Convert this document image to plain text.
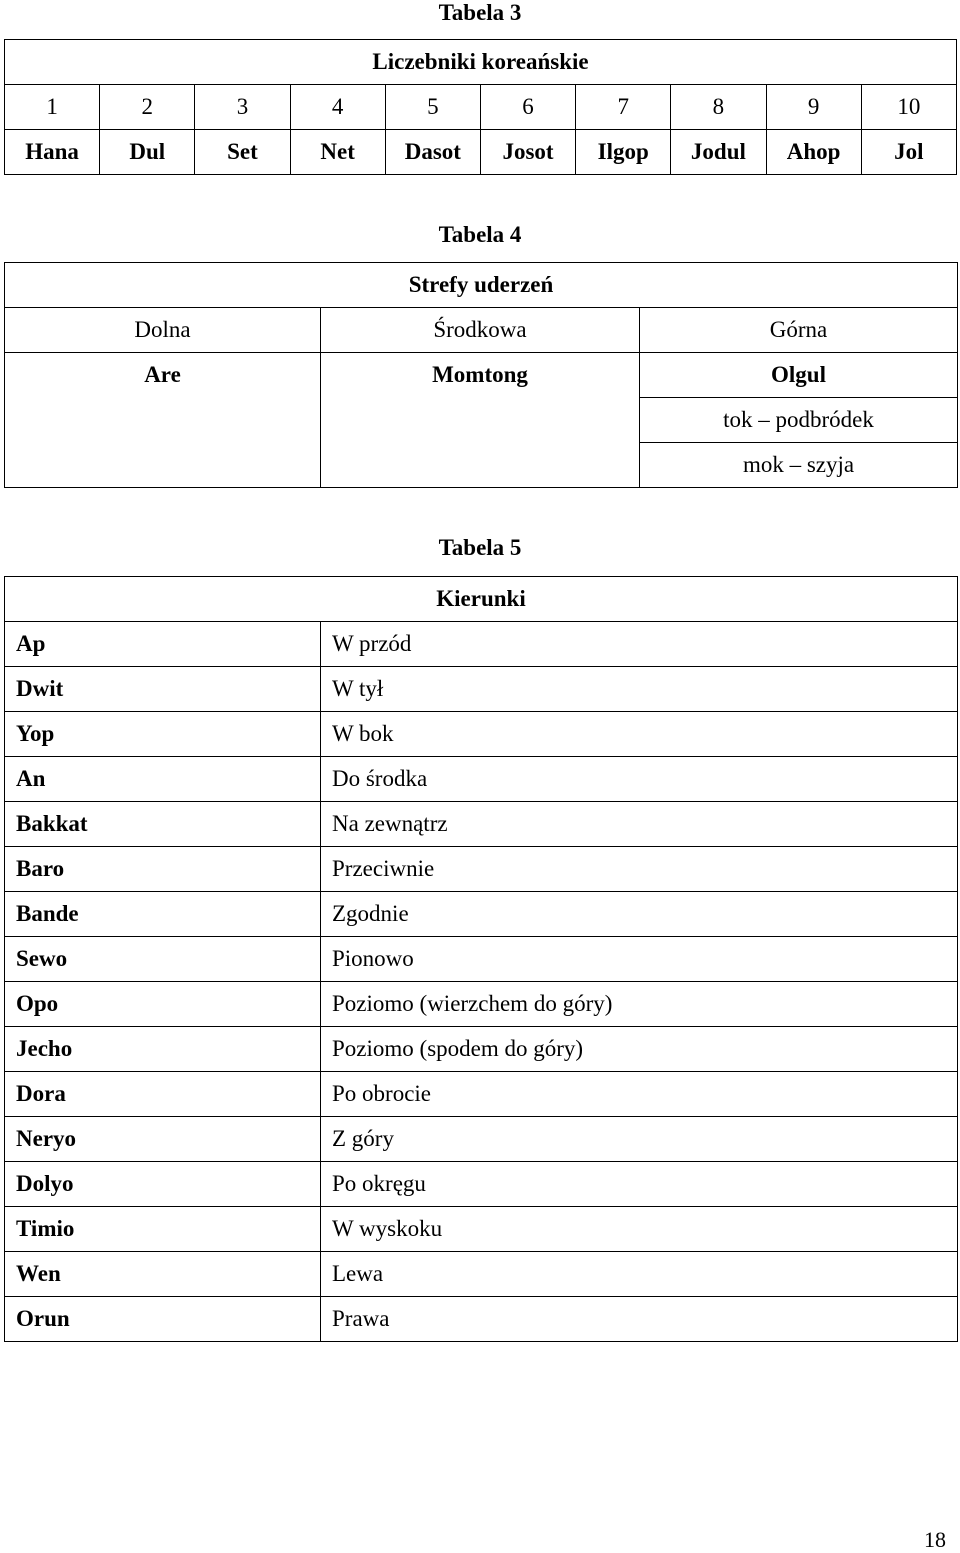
Tabela 3
Liczebniki koreańskie									
1	2	3	4	5	6	7	8	9	10
Hana	Dul	Set	Net	Dasot	Josot	Ilgop	Jodul	Ahop	Jol
Tabela 4
Strefy uderzeń		
Dolna	Środkowa	Górna
Are	Momtong	Olgul
		tok – podbródek
		mok – szyja
Tabela 5
Kierunki	
Ap	W przód
Dwit	W tył
Yop	W bok
An	Do środka
Bakkat	Na zewnątrz
Baro	Przeciwnie
Bande	Zgodnie
Sewo	Pionowo
Opo	Poziomo (wierzchem do góry)
Jecho	Poziomo (spodem do góry)
Dora	Po obrocie
Neryo	Z góry
Dolyo	Po okręgu
Timio	W wyskoku
Wen	Lewa
Orun	Prawa
18
